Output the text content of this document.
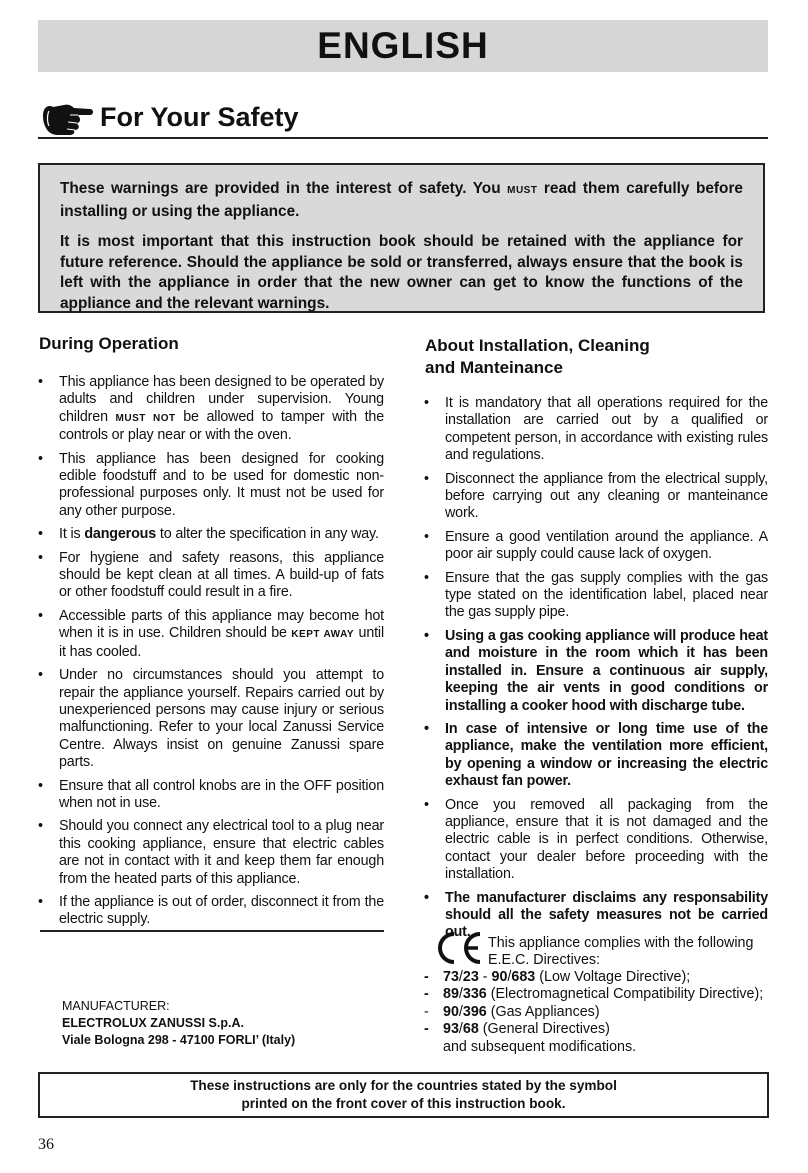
ENGLISH
For Your Safety

These warnings are provided in the interest of safety. You MUST read them carefully before installing or using the appliance.

It is most important that this instruction book should be retained with the appliance for future reference. Should the appliance be sold or transferred, always ensure that the book is left with the appliance in order that the new owner can get to know the functions of the appliance and the relevant warnings.

During Operation
• This appliance has been designed to be operated by adults and children under supervision. Young children MUST NOT be allowed to tamper with the controls or play near or with the oven.
• This appliance has been designed for cooking edible foodstuff and to be used for domestic non-professional purposes only. It must not be used for any other purpose.
• It is dangerous to alter the specification in any way.
• For hygiene and safety reasons, this appliance should be kept clean at all times. A build-up of fats or other foodstuff could result in a fire.
• Accessible parts of this appliance may become hot when it is in use. Children should be KEPT AWAY until it has cooled.
• Under no circumstances should you attempt to repair the appliance yourself. Repairs carried out by unexperienced persons may cause injury or serious malfunctioning. Refer to your local Zanussi Service Centre. Always insist on genuine Zanussi spare parts.
• Ensure that all control knobs are in the OFF position when not in use.
• Should you connect any electrical tool to a plug near this cooking appliance, ensure that electric cables are not in contact with it and keep them far enough from the heated parts of this appliance.
• If the appliance is out of order, disconnect it from the electric supply.
About Installation, Cleaning
and Manteinance
• It is mandatory that all operations required for the installation are carried out by a qualified or competent person, in accordance with existing rules and regulations.
• Disconnect the appliance from the electrical supply, before carrying out any cleaning or manteinance work.
• Ensure a good ventilation around the appliance. A poor air supply could cause lack of oxygen.
• Ensure that the gas supply complies with the gas type stated on the identification label, placed near the gas supply pipe.
• Using a gas cooking appliance will produce heat and moisture in the room which it has been installed in. Ensure a continuous air supply, keeping the air vents in good conditions or installing a cooker hood with discharge tube.
• In case of intensive or long time use of the appliance, make the ventilation more efficient, by opening a window or increasing the electric exhaust fan power.
• Once you removed all packaging from the appliance, ensure that it is not damaged and the electric cable is in perfect conditions. Otherwise, contact your dealer before proceeding with the installation.
• The manufacturer disclaims any responsability should all the safety measures not be carried out.
This appliance complies with the following
E.E.C. Directives:
- 73/23 - 90/683 (Low Voltage Directive);
- 89/336 (Electromagnetical Compatibility Directive);
- 90/396 (Gas Appliances)
- 93/68 (General Directives)
and subsequent modifications.
MANUFACTURER:
ELECTROLUX ZANUSSI S.p.A.
Viale Bologna 298 - 47100 FORLI’ (Italy)
These instructions are only for the countries stated by the symbol
printed on the front cover of this instruction book.
36
